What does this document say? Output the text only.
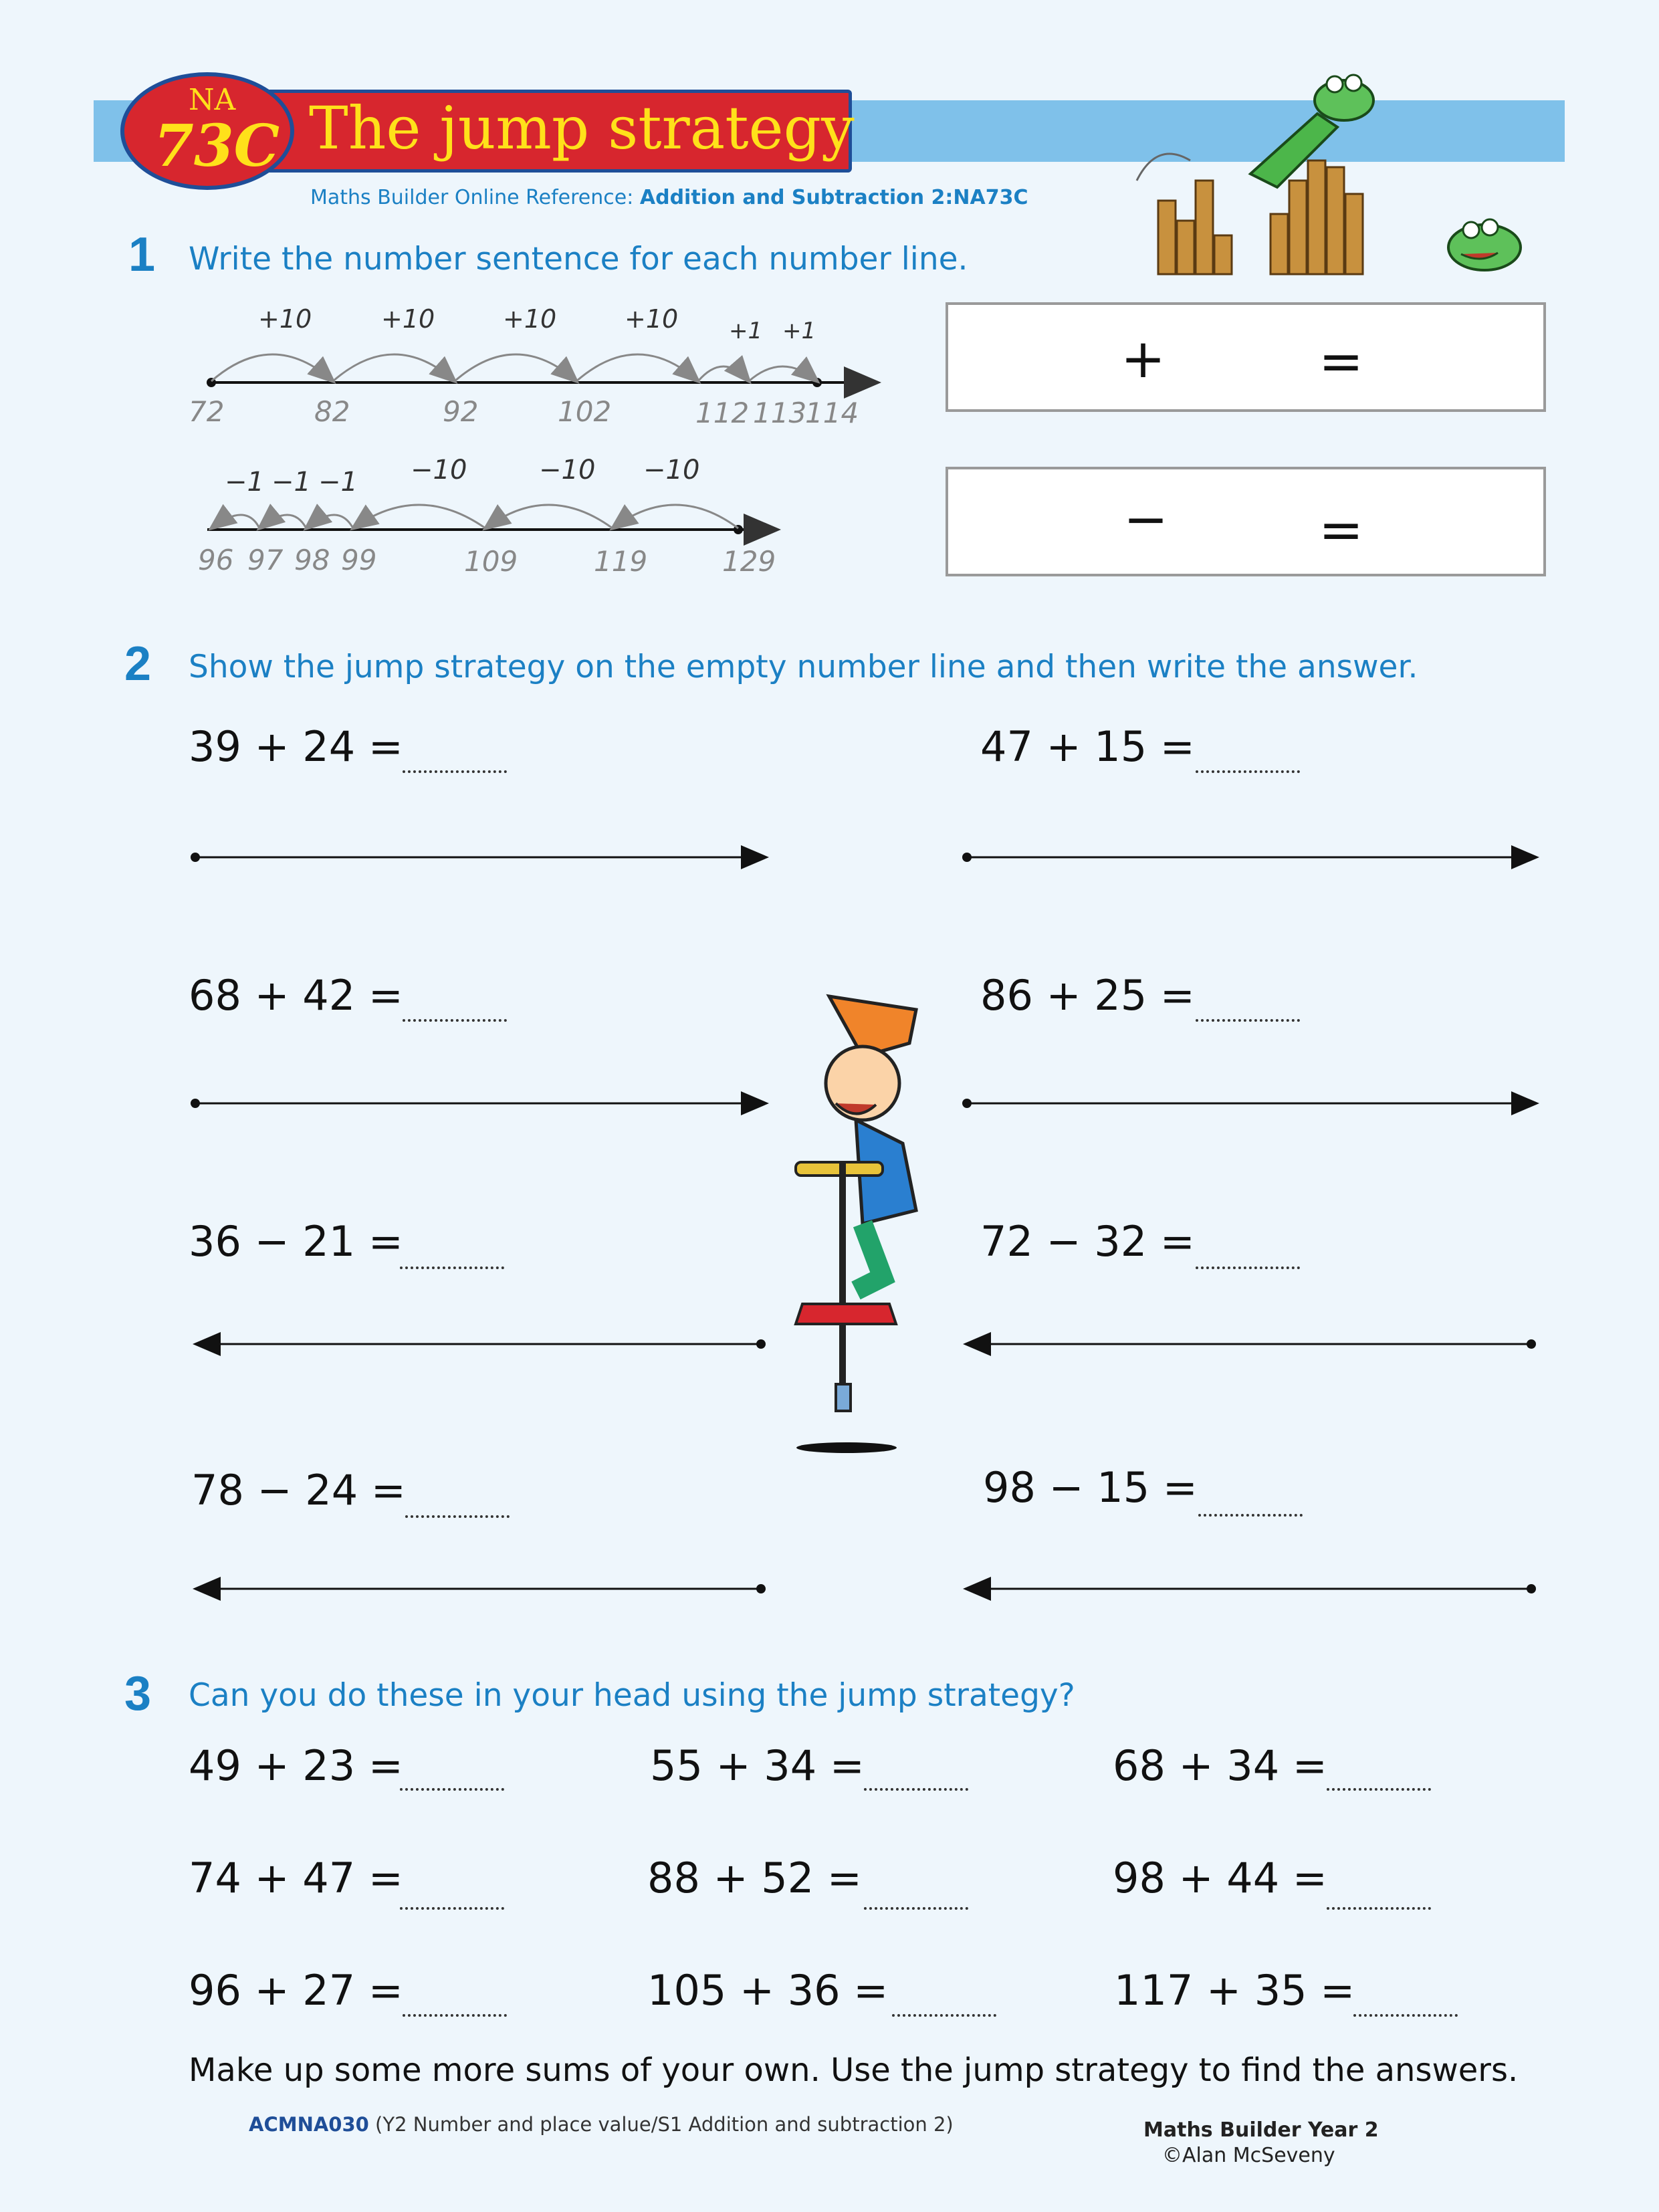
The jump strategy
NA
73C
Maths Builder Online Reference: Addition and Subtraction 2:NA73C
1 Write the number sentence for each number line.
72	82	92	102	112 113
114
+10	+10	+10	+10 +1 +1	+	=
96 97 98 99	109	119	129
−1 −1 −1 −10	−10 −10
−	=
2 Show the jump strategy on the empty number line and then write the answer.
39 + 24 =	47 + 15 =
68 + 42 =	86 + 25 =
36 − 21 =	72 − 32 =
78 − 24 =	98 − 15 =
3 Can you do these in your head using the jump strategy?
49 + 23 =	55 + 34 =	68 + 34 =
74 + 47 =	88 + 52 =	98 + 44 =
96 + 27 =	105 + 36 =	117 + 35 =
Make up some more sums of your own. Use the jump strategy to find the answers.
ACMNA030 (Y2 Number and place value/S1 Addition and subtraction 2)	Maths Builder Year 2
©Alan McSeveny
